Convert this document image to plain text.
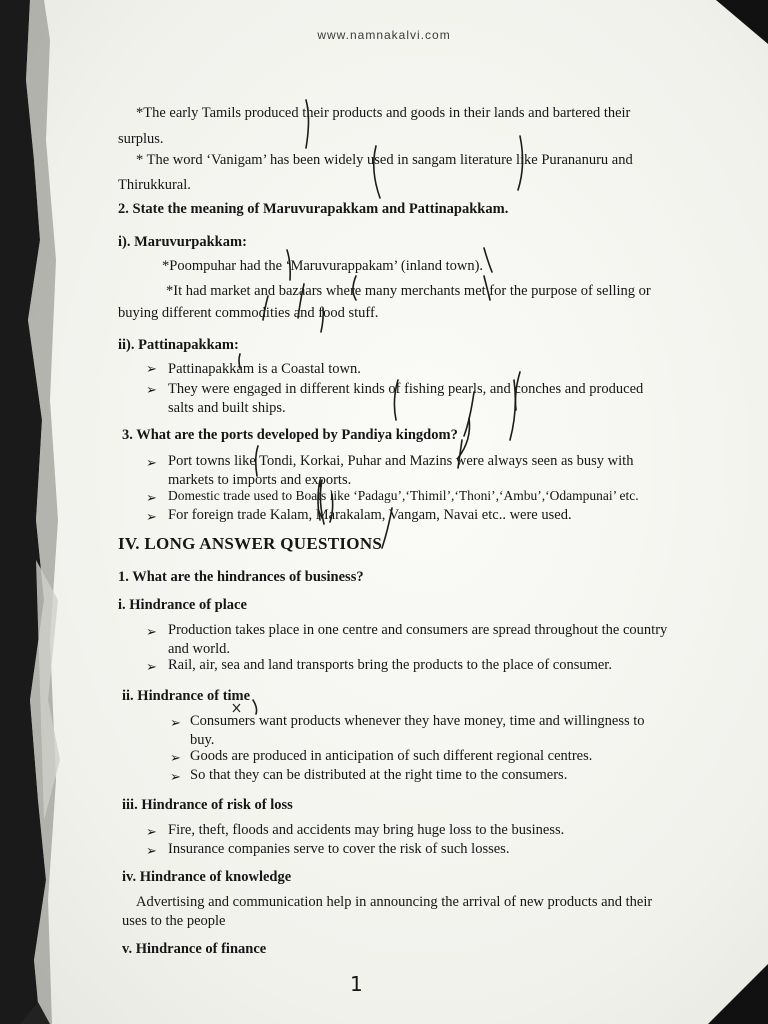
www.namnakalvi.com
*The early Tamils produced their products and goods in their lands and bartered their
surplus.
* The word ‘Vanigam’ has been widely used in sangam literature like Purananuru and
Thirukkural.
2. State the meaning of Maruvurapakkam and Pattinapakkam.
i). Maruvurpakkam:
*Poompuhar had the ‘Maruvurappakam’ (inland town).
*It had market and bazaars where many merchants met for the purpose of selling or
buying different commodities and food stuff.
ii). Pattinapakkam:
➢ Pattinapakkam is a Coastal town.
➢ They were engaged in different kinds of fishing pearls, and conches and produced
salts and built ships.
3. What are the ports developed by Pandiya kingdom?
➢ Port towns like Tondi, Korkai, Puhar and Mazins were always seen as busy with
markets to imports and exports.
➢ Domestic trade used to Boats like ‘Padagu’,‘Thimil’,‘Thoni’,‘Ambu’,‘Odampunai’ etc.
➢ For foreign trade Kalam, Marakalam, Vangam, Navai etc.. were used.
IV. LONG ANSWER QUESTIONS
1. What are the hindrances of business?
i. Hindrance of place
➢ Production takes place in one centre and consumers are spread throughout the country
and world.
➢ Rail, air, sea and land transports bring the products to the place of consumer.
ii. Hindrance of time
➢ Consumers want products whenever they have money, time and willingness to
buy.
➢ Goods are produced in anticipation of such different regional centres.
➢ So that they can be distributed at the right time to the consumers.
iii. Hindrance of risk of loss
➢ Fire, theft, floods and accidents may bring huge loss to the business.
➢ Insurance companies serve to cover the risk of such losses.
iv. Hindrance of knowledge
Advertising and communication help in announcing the arrival of new products and their
uses to the people
v. Hindrance of finance
1
